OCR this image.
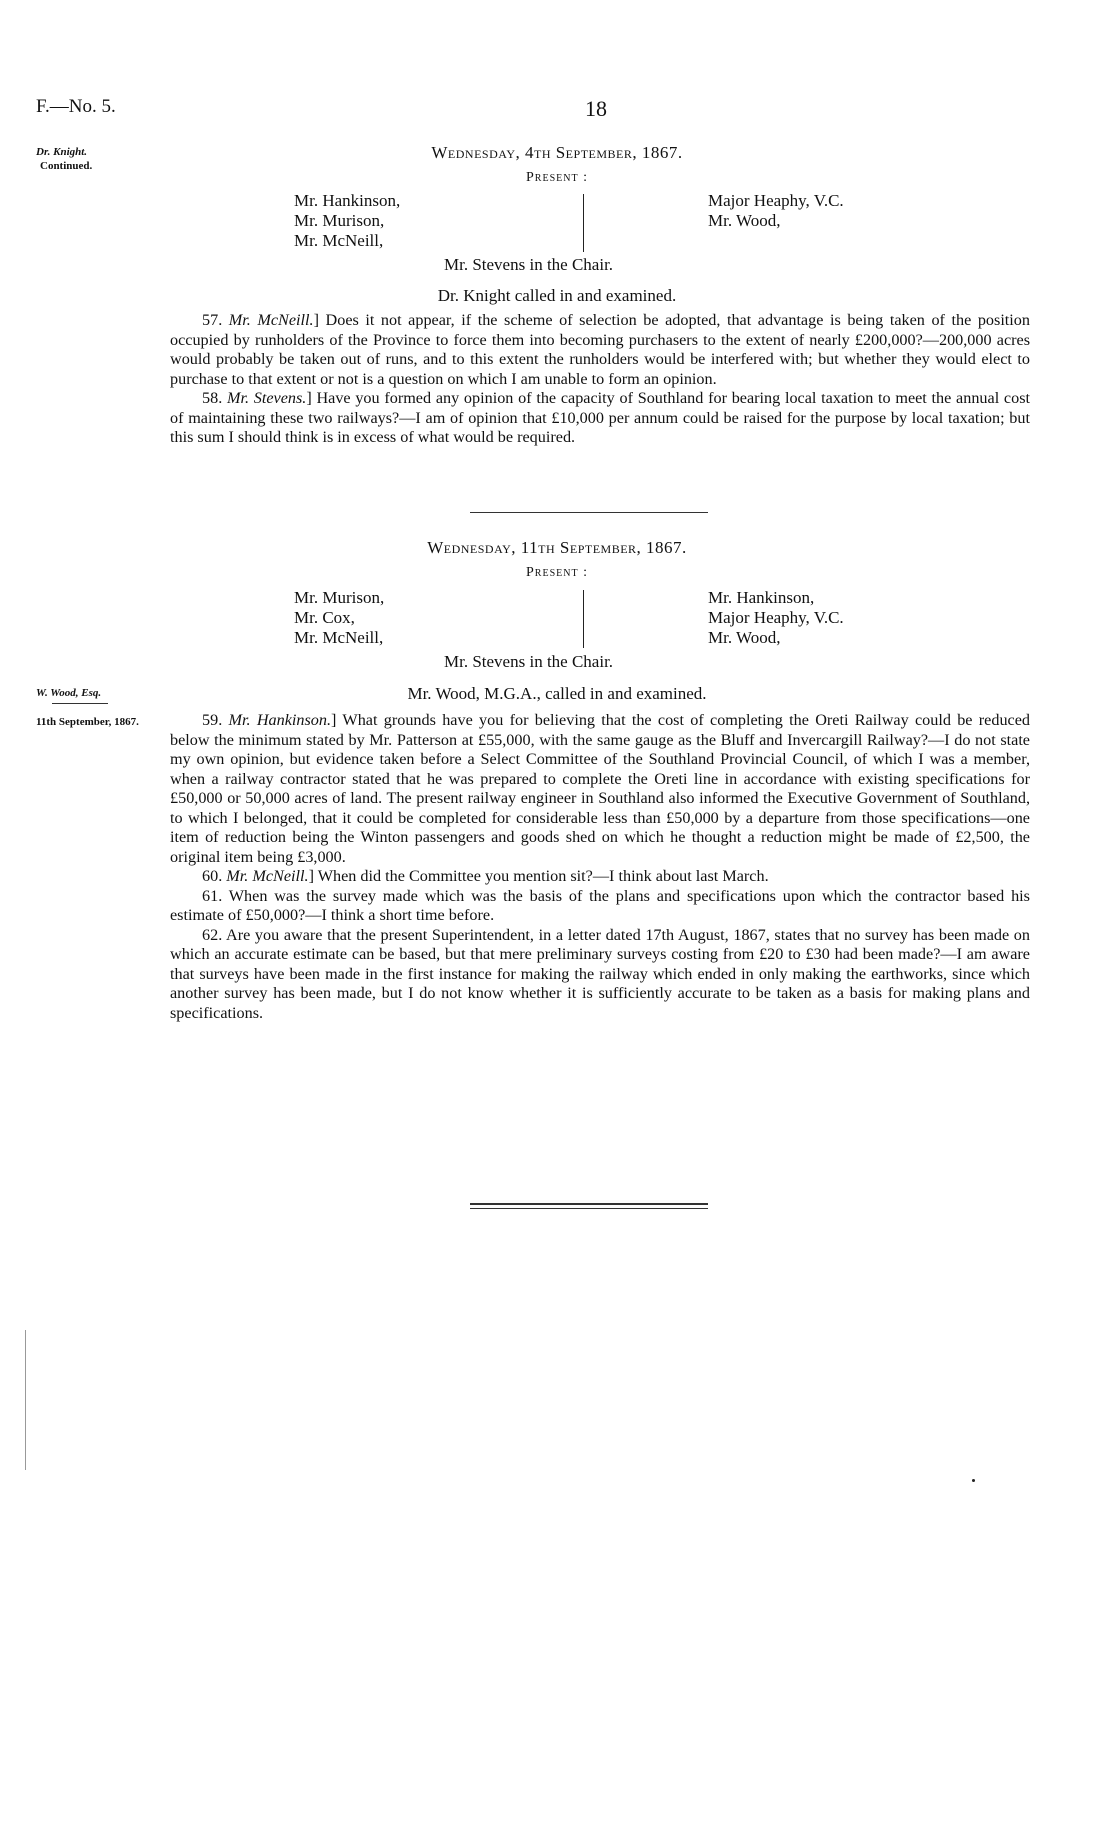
F.—No. 5.	18
Dr. Knight.
Continued.
Wednesday, 4th September, 1867.
Present :
Mr. Hankinson,
Mr. Murison,
Mr. McNeill,
Major Heaphy, V.C.
Mr. Wood,
Mr. Stevens in the Chair.
Dr. Knight called in and examined.

57. Mr. McNeill.] Does it not appear, if the scheme of selection be adopted, that advantage is being taken of the position occupied by runholders of the Province to force them into becoming purchasers to the extent of nearly £200,000?—200,000 acres would probably be taken out of runs, and to this extent the runholders would be interfered with; but whether they would elect to purchase to that extent or not is a question on which I am unable to form an opinion.

58. Mr. Stevens.] Have you formed any opinion of the capacity of Southland for bearing local taxation to meet the annual cost of maintaining these two railways?—I am of opinion that £10,000 per annum could be raised for the purpose by local taxation; but this sum I should think is in excess of what would be required.

Wednesday, 11th September, 1867.
Present :
Mr. Murison,
Mr. Cox,
Mr. McNeill,
Mr. Hankinson,
Major Heaphy, V.C.
Mr. Wood,
Mr. Stevens in the Chair.
W. Wood, Esq.
11th September, 1867.
Mr. Wood, M.G.A., called in and examined.

59. Mr. Hankinson.] What grounds have you for believing that the cost of completing the Oreti Railway could be reduced below the minimum stated by Mr. Patterson at £55,000, with the same gauge as the Bluff and Invercargill Railway?—I do not state my own opinion, but evidence taken before a Select Committee of the Southland Provincial Council, of which I was a member, when a railway contractor stated that he was prepared to complete the Oreti line in accordance with existing specifications for £50,000 or 50,000 acres of land. The present railway engineer in Southland also informed the Executive Government of Southland, to which I belonged, that it could be completed for considerable less than £50,000 by a departure from those specifications—one item of reduction being the Winton passengers and goods shed on which he thought a reduction might be made of £2,500, the original item being £3,000.

60. Mr. McNeill.] When did the Committee you mention sit?—I think about last March.

61. When was the survey made which was the basis of the plans and specifications upon which the contractor based his estimate of £50,000?—I think a short time before.

62. Are you aware that the present Superintendent, in a letter dated 17th August, 1867, states that no survey has been made on which an accurate estimate can be based, but that mere preliminary surveys costing from £20 to £30 had been made?—I am aware that surveys have been made in the first instance for making the railway which ended in only making the earthworks, since which another survey has been made, but I do not know whether it is sufficiently accurate to be taken as a basis for making plans and specifications.
